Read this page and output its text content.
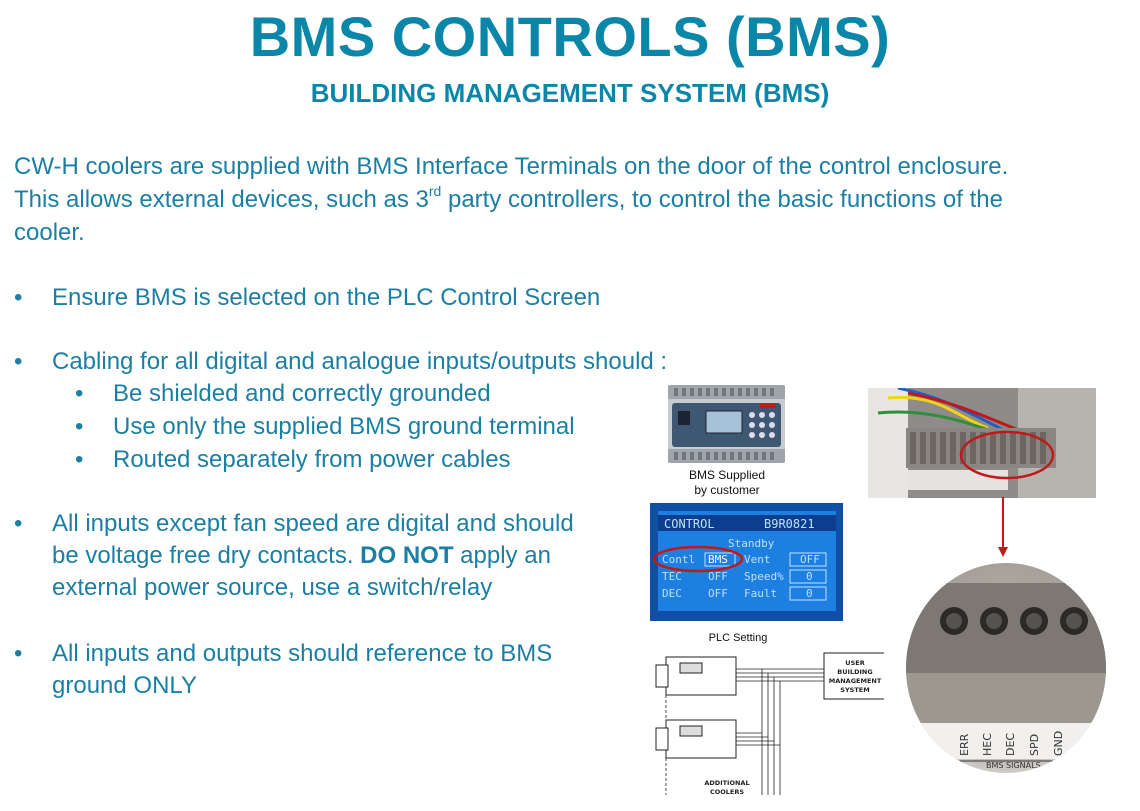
BMS CONTROLS (BMS)
BUILDING MANAGEMENT SYSTEM (BMS)
CW-H coolers are supplied with BMS Interface Terminals on the door of the control enclosure.
This allows external devices, such as 3rd party controllers, to control the basic functions of the
cooler.
• Ensure BMS is selected on the PLC Control Screen
• Cabling for all digital and analogue inputs/outputs should :
• Be shielded and correctly grounded
• Use only the supplied BMS ground terminal
• Routed separately from power cables
• All inputs except fan speed are digital and should
be voltage free dry contacts. DO NOT apply an
external power source, use a switch/relay
• All inputs and outputs should reference to BMS
ground ONLY
BMS Supplied
by customer
CONTROL	B9R0821
Standby
Contl BMS Vent	OFF
TEC OFF Speed% 0
DEC OFF Fault	0
ERR HEC DEC SPD GND
BMS SIGNALS
PLC Setting
USER
BUILDING
MANAGEMENT
SYSTEM
ADDITIONAL
COOLERS
